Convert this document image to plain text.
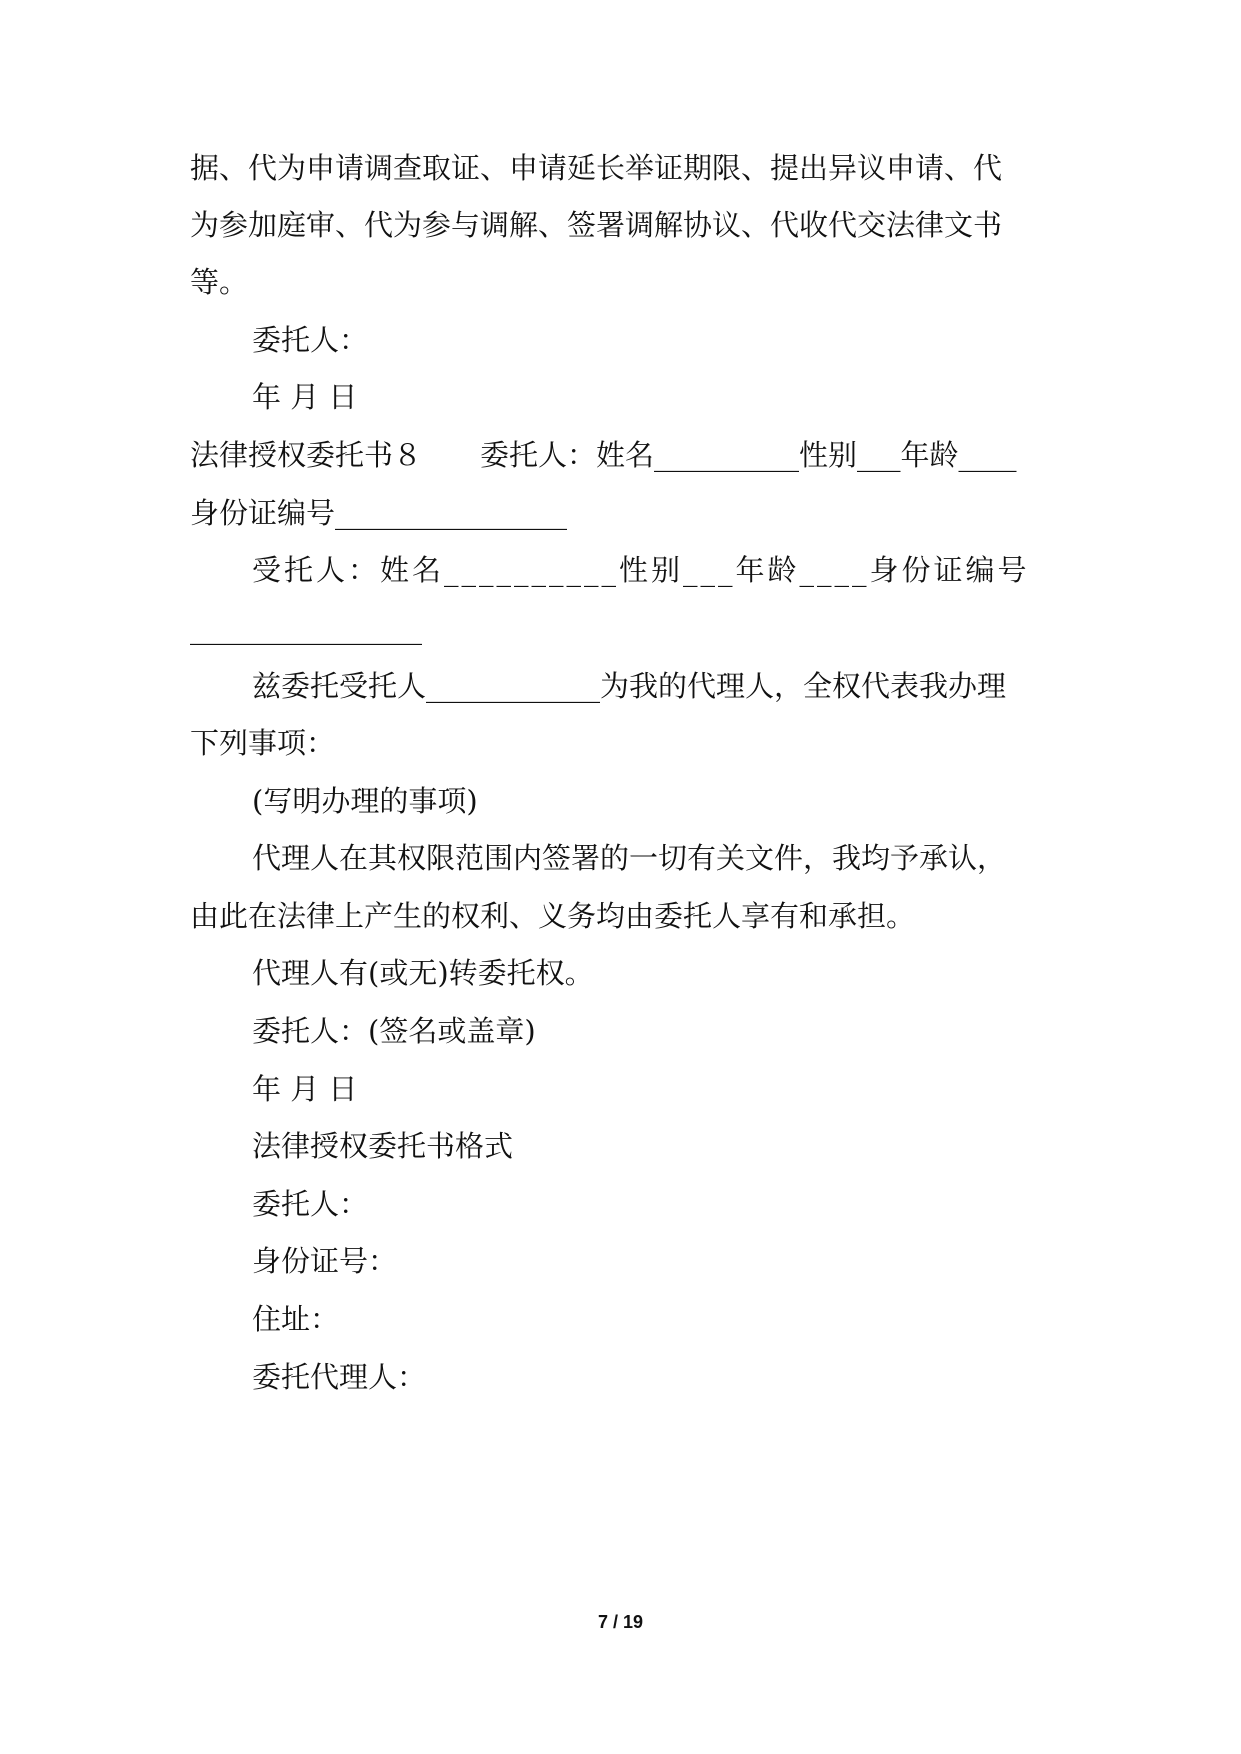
据、代为申请调查取证、申请延长举证期限、提出异议申请、代
为参加庭审、代为参与调解、签署调解协议、代收代交法律文书
等。
委托人：
年 月 日
法律授权委托书８　　委托人：姓名__________性别___年龄____
身份证编号________________
受托人：姓名__________性别___年龄____身份证编号
________________
兹委托受托人____________为我的代理人，全权代表我办理
下列事项：
(写明办理的事项)
代理人在其权限范围内签署的一切有关文件，我均予承认，
由此在法律上产生的权利、义务均由委托人享有和承担。
代理人有(或无)转委托权。
委托人：(签名或盖章)
年 月 日
法律授权委托书格式
委托人：
身份证号：
住址：
委托代理人：
7 / 19
